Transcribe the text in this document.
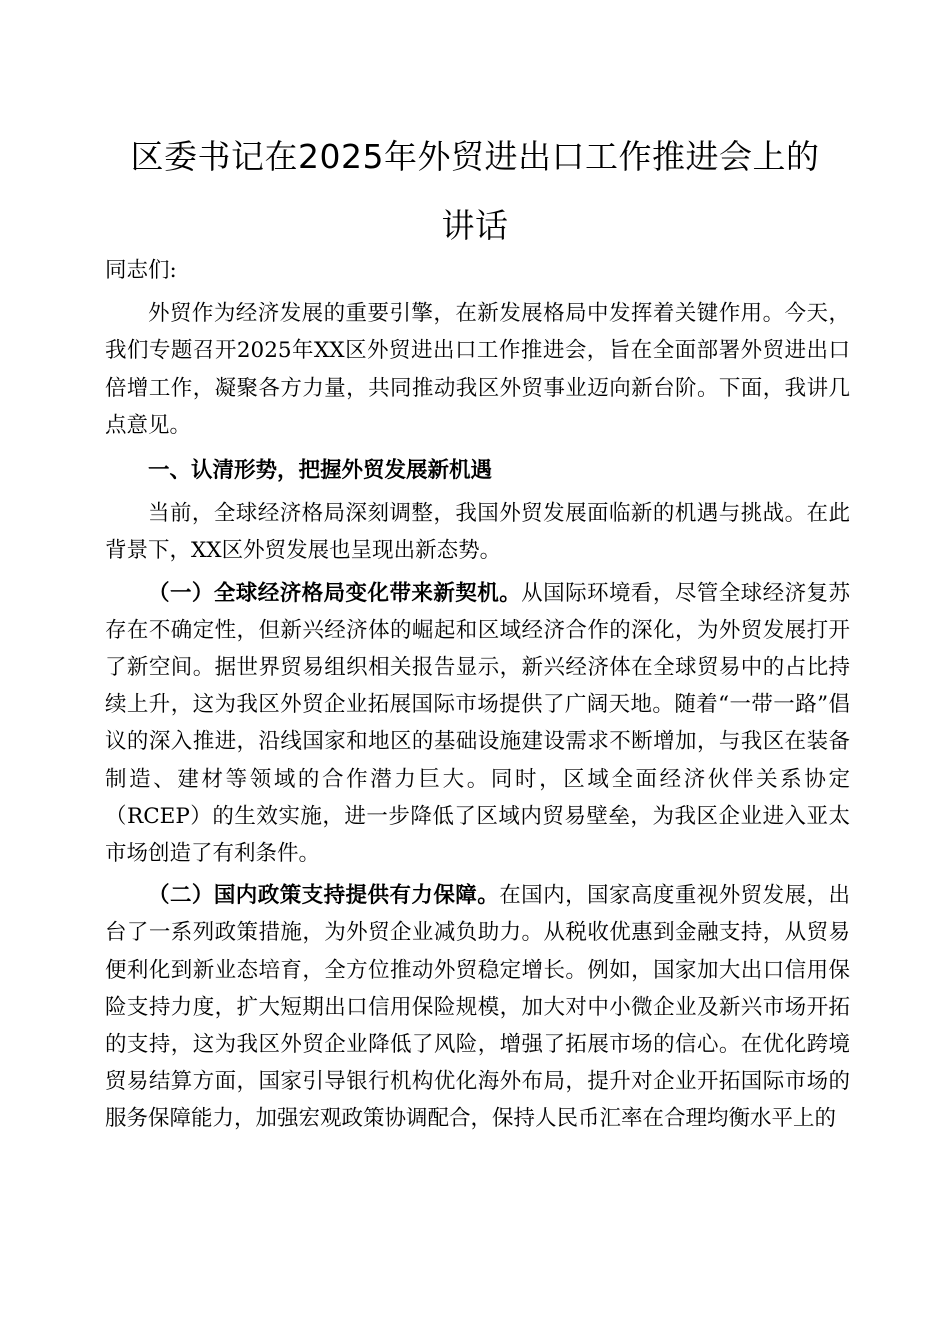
区委书记在2025年外贸进出口工作推进会上的
讲话

同志们:

外贸作为经济发展的重要引擎，在新发展格局中发挥着关键作用。今天，我们专题召开2025年XX区外贸进出口工作推进会，旨在全面部署外贸进出口倍增工作，凝聚各方力量，共同推动我区外贸事业迈向新台阶。下面，我讲几点意见。

一、认清形势，把握外贸发展新机遇

当前，全球经济格局深刻调整，我国外贸发展面临新的机遇与挑战。在此背景下，XX区外贸发展也呈现出新态势。

（一）全球经济格局变化带来新契机。从国际环境看，尽管全球经济复苏存在不确定性，但新兴经济体的崛起和区域经济合作的深化，为外贸发展打开了新空间。据世界贸易组织相关报告显示，新兴经济体在全球贸易中的占比持续上升，这为我区外贸企业拓展国际市场提供了广阔天地。随着“一带一路”倡议的深入推进，沿线国家和地区的基础设施建设需求不断增加，与我区在装备制造、建材等领域的合作潜力巨大。同时，区域全面经济伙伴关系协定（RCEP）的生效实施，进一步降低了区域内贸易壁垒，为我区企业进入亚太市场创造了有利条件。

（二）国内政策支持提供有力保障。在国内，国家高度重视外贸发展，出台了一系列政策措施，为外贸企业减负助力。从税收优惠到金融支持，从贸易便利化到新业态培育，全方位推动外贸稳定增长。例如，国家加大出口信用保险支持力度，扩大短期出口信用保险规模，加大对中小微企业及新兴市场开拓的支持，这为我区外贸企业降低了风险，增强了拓展市场的信心。在优化跨境贸易结算方面，国家引导银行机构优化海外布局，提升对企业开拓国际市场的服务保障能力，加强宏观政策协调配合，保持人民币汇率在合理均衡水平上的
